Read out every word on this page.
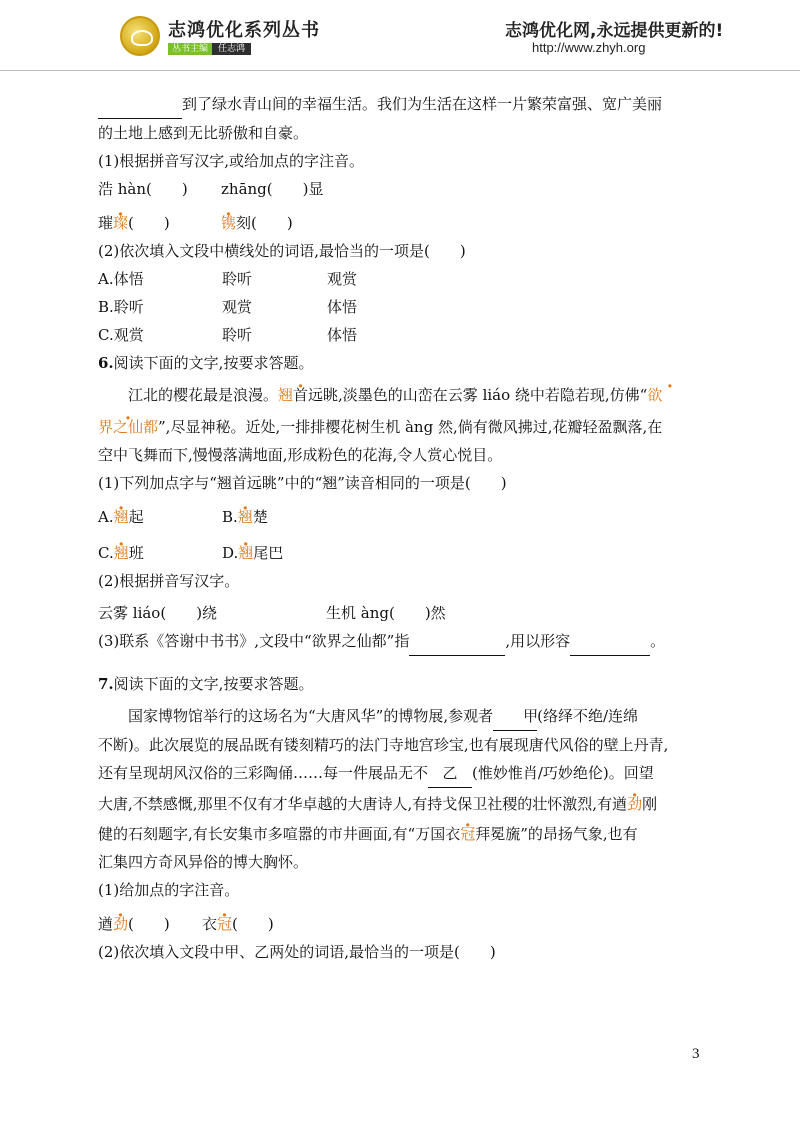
志鸿优化系列丛书
丛书主编 任志鸿
志鸿优化网,永远提供更新的!
http://www.zhyh.org

到了绿水青山间的幸福生活。我们为生活在这样一片繁荣富强、宽广美丽

的土地上感到无比骄傲和自豪。

(1)根据拼音写汉字,或给加点的字注音。

浩 hàn(　　) zhāng(　　)显

璀璨(　　)	镌刻(　　)

(2)依次填入文段中横线处的词语,最恰当的一项是(　　)

A.体悟	聆听	观赏

B.聆听	观赏	体悟

C.观赏	聆听	体悟

6.阅读下面的文字,按要求答题。

江北的樱花最是浪漫。翘首远眺,淡墨色的山峦在云雾 liáo 绕中若隐若现,仿佛“欲

界之仙都”,尽显神秘。近处,一排排樱花树生机 àng 然,倘有微风拂过,花瓣轻盈飘落,在

空中飞舞而下,慢慢落满地面,形成粉色的花海,令人赏心悦目。

(1)下列加点字与“翘首远眺”中的“翘”读音相同的一项是(　　)

A.翘起	B.翘楚

C.翘班	D.翘尾巴

(2)根据拼音写汉字。

云雾 liáo(　　)绕	生机 àng(　　)然

(3)联系《答谢中书书》,文段中“欲界之仙都”指	,用以形容	。

7.阅读下面的文字,按要求答题。

国家博物馆举行的这场名为“大唐风华”的博物展,参观者 甲(络绎不绝/连绵

不断)。此次展览的展品既有镂刻精巧的法门寺地宫珍宝,也有展现唐代风俗的壁上丹青,

还有呈现胡风汉俗的三彩陶俑……每一件展品无不 乙 (惟妙惟肖/巧妙绝伦)。回望

大唐,不禁感慨,那里不仅有才华卓越的大唐诗人,有持戈保卫社稷的壮怀激烈,有遒劲刚

健的石刻题字,有长安集市多喧嚣的市井画面,有“万国衣冠拜冕旒”的昂扬气象,也有

汇集四方奇风异俗的博大胸怀。

(1)给加点的字注音。

遒劲(　　) 衣冠(　　)

(2)依次填入文段中甲、乙两处的词语,最恰当的一项是(　　)

3
